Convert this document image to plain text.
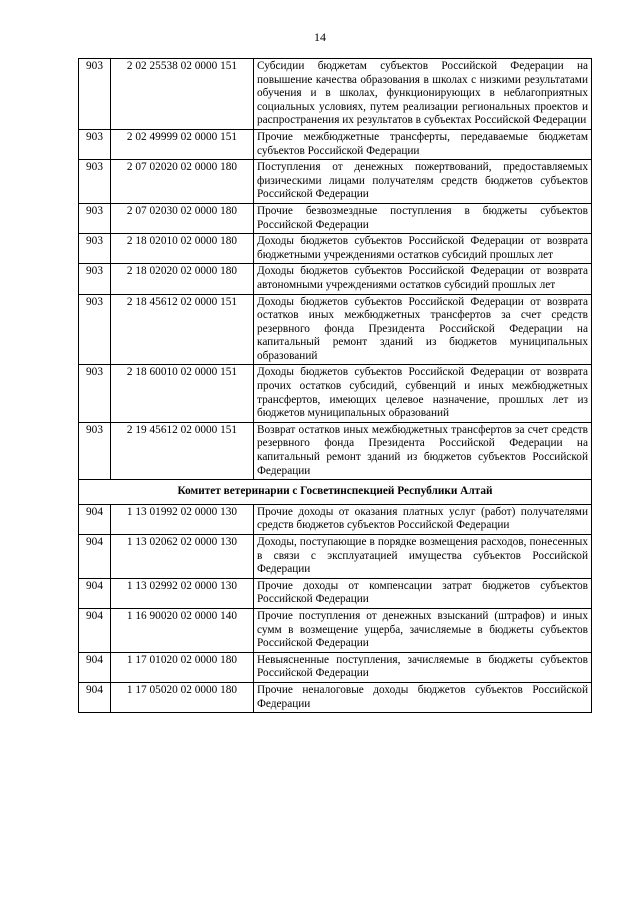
14
903	2 02 25538 02 0000 151	Субсидии бюджетам субъектов Российской Федерации на повышение качества образования в школах с низкими результатами обучения и в школах, функционирующих в неблагоприятных социальных условиях, путем реализации региональных проектов и распространения их результатов в субъектах Российской Федерации
903	2 02 49999 02 0000 151	Прочие межбюджетные трансферты, передаваемые бюджетам субъектов Российской Федерации
903	2 07 02020 02 0000 180	Поступления от денежных пожертвований, предоставляемых физическими лицами получателям средств бюджетов субъектов Российской Федерации
903	2 07 02030 02 0000 180	Прочие безвозмездные поступления в бюджеты субъектов Российской Федерации
903	2 18 02010 02 0000 180	Доходы бюджетов субъектов Российской Федерации от возврата бюджетными учреждениями остатков субсидий прошлых лет
903	2 18 02020 02 0000 180	Доходы бюджетов субъектов Российской Федерации от возврата автономными учреждениями остатков субсидий прошлых лет
903	2 18 45612 02 0000 151	Доходы бюджетов субъектов Российской Федерации от возврата остатков иных межбюджетных трансфертов за счет средств резервного фонда Президента Российской Федерации на капитальный ремонт зданий из бюджетов муниципальных образований
903	2 18 60010 02 0000 151	Доходы бюджетов субъектов Российской Федерации от возврата прочих остатков субсидий, субвенций и иных межбюджетных трансфертов, имеющих целевое назначение, прошлых лет из бюджетов муниципальных образований
903	2 19 45612 02 0000 151	Возврат остатков иных межбюджетных трансфертов за счет средств резервного фонда Президента Российской Федерации на капитальный ремонт зданий из бюджетов субъектов Российской Федерации
Комитет ветеринарии с Госветинспекцией Республики Алтай		
904	1 13 01992 02 0000 130	Прочие доходы от оказания платных услуг (работ) получателями средств бюджетов субъектов Российской Федерации
904	1 13 02062 02 0000 130	Доходы, поступающие в порядке возмещения расходов, понесенных в связи с эксплуатацией имущества субъектов Российской Федерации
904	1 13 02992 02 0000 130	Прочие доходы от компенсации затрат бюджетов субъектов Российской Федерации
904	1 16 90020 02 0000 140	Прочие поступления от денежных взысканий (штрафов) и иных сумм в возмещение ущерба, зачисляемые в бюджеты субъектов Российской Федерации
904	1 17 01020 02 0000 180	Невыясненные поступления, зачисляемые в бюджеты субъектов Российской Федерации
904	1 17 05020 02 0000 180	Прочие неналоговые доходы бюджетов субъектов Российской Федерации
